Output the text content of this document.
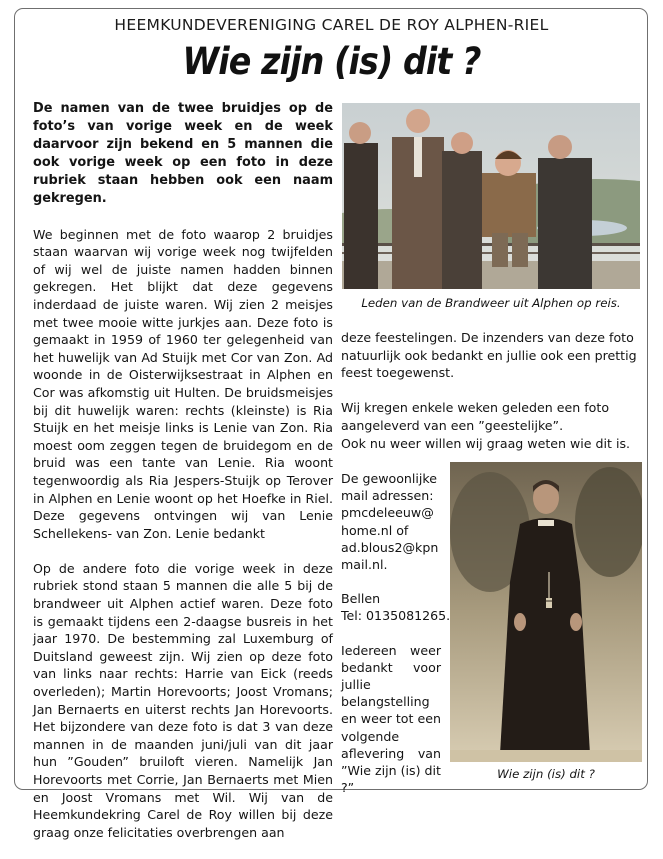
HEEMKUNDEVERENIGING CAREL DE ROY ALPHEN-RIEL
Wie zijn (is) dit ?

De namen van de twee bruidjes op de foto’s van vorige week en de week daarvoor zijn bekend en 5 mannen die ook vorige week op een foto in deze rubriek staan hebben ook een naam gekregen.

We beginnen met de foto waarop 2 bruidjes staan waarvan wij vorige week nog twijfelden of wij wel de juiste namen hadden binnen gekregen. Het blijkt dat deze gegevens inderdaad de juiste waren. Wij zien 2 meisjes met twee mooie witte jurkjes aan. Deze foto is gemaakt in 1959 of 1960 ter gelegenheid van het huwelijk van Ad Stuijk met Cor van Zon. Ad woonde in de Oisterwijksestraat in Alphen en Cor was afkomstig uit Hulten. De bruidsmeisjes bij dit huwelijk waren: rechts (kleinste) is Ria Stuijk en het meisje links is Lenie van Zon. Ria moest oom zeggen tegen de bruidegom en de bruid was een tante van Lenie. Ria woont tegenwoordig als Ria Jespers-Stuijk op Terover in Alphen en Lenie woont op het Hoefke in Riel. Deze gegevens ontvingen wij van Lenie Schellekens- van Zon. Lenie bedankt

Op de andere foto die vorige week in deze rubriek stond staan 5 mannen die alle 5 bij de brandweer uit Alphen actief waren. Deze foto is gemaakt tijdens een 2-daagse busreis in het jaar 1970. De bestemming zal Luxemburg of Duitsland geweest zijn. Wij zien op deze foto van links naar rechts: Harrie van Eick (reeds overleden); Martin Horevoorts; Joost Vromans; Jan Bernaerts en uiterst rechts Jan Horevoorts. Het bijzondere van deze foto is dat 3 van deze mannen in de maanden juni/juli van dit jaar hun ”Gouden” bruiloft vieren. Namelijk Jan Horevoorts met Corrie, Jan Bernaerts met Mien en Joost Vromans met Wil. Wij van de Heemkundekring Carel de Roy willen bij deze graag onze felicitaties overbrengen aan

Leden van de Brandweer uit Alphen op reis.

deze feestelingen. De inzenders van deze foto natuurlijk ook bedankt en jullie ook een prettig feest toegewenst.

Wij kregen enkele weken geleden een foto aangeleverd van een ”geestelijke”.

Ook nu weer willen wij graag weten wie dit is.

De gewoonlijke mail adressen:
pmcdeleeuw@home.nl of
ad.blous2@kpnmail.nl.
Bellen
Tel: 0135081265.
Iedereen weer bedankt voor jullie belangstelling en weer tot een volgende aflevering van ”Wie zijn (is) dit ?”
Wie zijn (is) dit ?
